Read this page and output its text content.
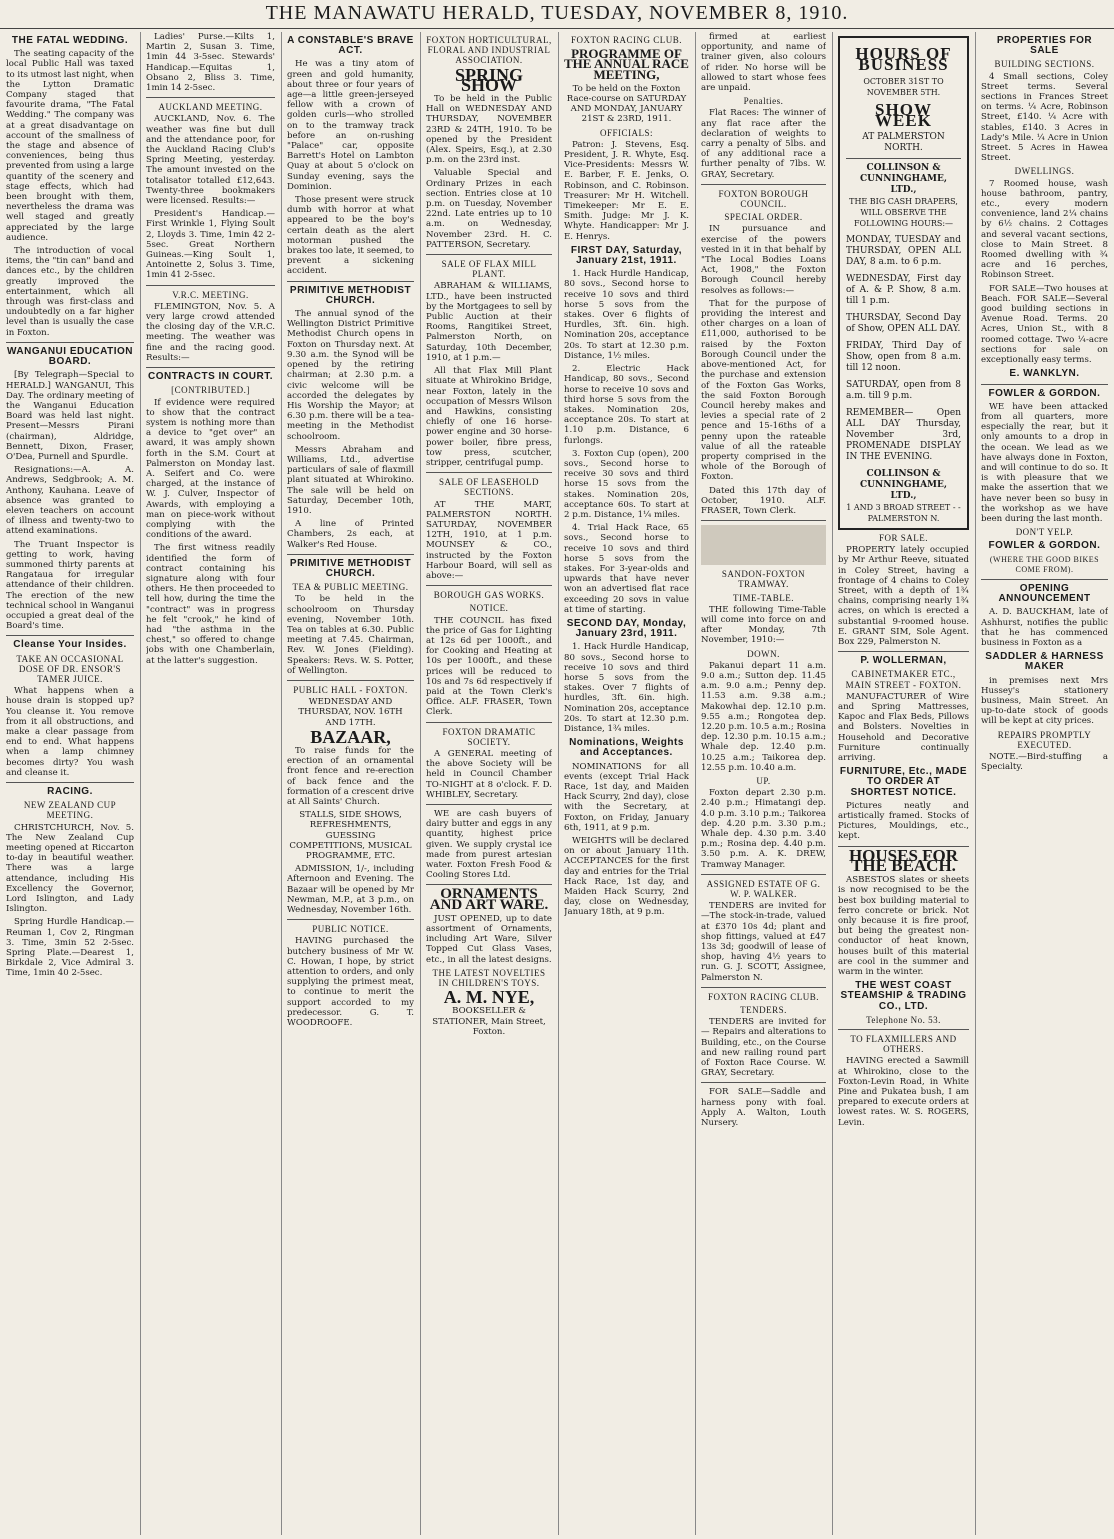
THE MANAWATU HERALD, TUESDAY, NOVEMBER 8, 1910.
THE FATAL WEDDING.

The seating capacity of the local Public Hall was taxed to its utmost last night, when the Lytton Dramatic Company staged that favourite drama, "The Fatal Wedding." The company was at a great disadvantage on account of the smallness of the stage and absence of conveniences, being thus prevented from using a large quantity of the scenery and stage effects, which had been brought with them, nevertheless the drama was well staged and greatly appreciated by the large audience.

The introduction of vocal items, the "tin can" band and dances etc., by the children greatly improved the entertainment, which all through was first-class and undoubtedly on a far higher level than is usually the case in Foxton.

WANGANUI EDUCATION BOARD.

[By Telegraph—Special to HERALD.] WANGANUI, This Day. The ordinary meeting of the Wanganui Education Board was held last night. Present—Messrs Pirani (chairman), Aldridge, Bennett, Dixon, Fraser, O'Dea, Purnell and Spurdle.

Resignations:—A. A. Andrews, Sedgbrook; A. M. Anthony, Kauhana. Leave of absence was granted to eleven teachers on account of illness and twenty-two to attend examinations.

The Truant Inspector is getting to work, having summoned thirty parents at Rangataua for irregular attendance of their children. The erection of the new technical school in Wanganui occupied a great deal of the Board's time.

Cleanse Your Insides.
TAKE AN OCCASIONAL DOSE OF DR. ENSOR'S TAMER JUICE.

What happens when a house drain is stopped up? You cleanse it. You remove from it all obstructions, and make a clear passage from end to end. What happens when a lamp chimney becomes dirty? You wash and cleanse it.

RACING.
NEW ZEALAND CUP MEETING.

CHRISTCHURCH, Nov. 5. The New Zealand Cup meeting opened at Riccarton to-day in beautiful weather. There was a large attendance, including His Excellency the Governor, Lord Islington, and Lady Islington.

Spring Hurdle Handicap.—Reuman 1, Cov 2, Ringman 3. Time, 3min 52 2-5sec. Spring Plate.—Dearest 1, Birkdale 2, Vice Admiral 3. Time, 1min 40 2-5sec.

Ladies' Purse.—Kilts 1, Martin 2, Susan 3. Time, 1min 44 3-5sec. Stewards' Handicap.—Equitas 1, Obsano 2, Bliss 3. Time, 1min 14 2-5sec.

AUCKLAND MEETING.

AUCKLAND, Nov. 6. The weather was fine but dull and the attendance poor, for the Auckland Racing Club's Spring Meeting, yesterday. The amount invested on the totalisator totalled £12,643. Twenty-three bookmakers were licensed. Results:—

President's Handicap.—First Wrinkle 1, Flying Soult 2, Lloyds 3. Time, 1min 42 2-5sec. Great Northern Guineas.—King Soult 1, Antoinette 2, Solus 3. Time, 1min 41 2-5sec.

V.R.C. MEETING.

FLEMINGTON, Nov. 5. A very large crowd attended the closing day of the V.R.C. meeting. The weather was fine and the racing good. Results:—

CONTRACTS IN COURT.
[CONTRIBUTED.]

If evidence were required to show that the contract system is nothing more than a device to "get over" an award, it was amply shown forth in the S.M. Court at Palmerston on Monday last. A. Seifert and Co. were charged, at the instance of W. J. Culver, Inspector of Awards, with employing a man on piece-work without complying with the conditions of the award.

The first witness readily identified the form of contract containing his signature along with four others. He then proceeded to tell how, during the time the "contract" was in progress he felt "crook," he kind of had "the asthma in the chest," so offered to change jobs with one Chamberlain, at the latter's suggestion.

A CONSTABLE'S BRAVE ACT.

He was a tiny atom of green and gold humanity, about three or four years of age—a little green-jerseyed fellow with a crown of golden curls—who strolled on to the tramway track before an on-rushing "Palace" car, opposite Barrett's Hotel on Lambton Quay at about 5 o'clock on Sunday evening, says the Dominion.

Those present were struck dumb with horror at what appeared to be the boy's certain death as the alert motorman pushed the brakes too late, it seemed, to prevent a sickening accident.

PRIMITIVE METHODIST CHURCH.

The annual synod of the Wellington District Primitive Methodist Church opens in Foxton on Thursday next. At 9.30 a.m. the Synod will be opened by the retiring chairman; at 2.30 p.m. a civic welcome will be accorded the delegates by His Worship the Mayor; at 6.30 p.m. there will be a tea-meeting in the Methodist schoolroom.

Messrs Abraham and Williams, Ltd., advertise particulars of sale of flaxmill plant situated at Whirokino. The sale will be held on Saturday, December 10th, 1910.

A line of Printed Chambers, 2s each, at Walker's Red House.

PRIMITIVE METHODIST CHURCH.
TEA & PUBLIC MEETING.

To be held in the schoolroom on Thursday evening, November 10th. Tea on tables at 6.30. Public meeting at 7.45. Chairman, Rev. W. Jones (Fielding). Speakers: Revs. W. S. Potter, of Wellington.

PUBLIC HALL - FOXTON.

WEDNESDAY AND THURSDAY, NOV. 16TH AND 17TH.

BAZAAR,

To raise funds for the erection of an ornamental front fence and re-erection of back fence and the formation of a crescent drive at All Saints' Church.

STALLS, SIDE SHOWS, REFRESHMENTS, GUESSING COMPETITIONS, MUSICAL PROGRAMME, ETC.

ADMISSION, 1/-, including Afternoon and Evening. The Bazaar will be opened by Mr Newman, M.P., at 3 p.m., on Wednesday, November 16th.

PUBLIC NOTICE.

HAVING purchased the butchery business of Mr W. C. Howan, I hope, by strict attention to orders, and only supplying the primest meat, to continue to merit the support accorded to my predecessor. G. T. WOODROOFE.

FOXTON HORTICULTURAL, FLORAL AND INDUSTRIAL ASSOCIATION.
SPRING SHOW

To be held in the Public Hall on WEDNESDAY AND THURSDAY, NOVEMBER 23RD & 24TH, 1910. To be opened by the President (Alex. Speirs, Esq.), at 2.30 p.m. on the 23rd inst.

Valuable Special and Ordinary Prizes in each section. Entries close at 10 p.m. on Tuesday, November 22nd. Late entries up to 10 a.m. on Wednesday, November 23rd. H. C. PATTERSON, Secretary.

SALE OF FLAX MILL PLANT.

ABRAHAM & WILLIAMS, LTD., have been instructed by the Mortgagees to sell by Public Auction at their Rooms, Rangitikei Street, Palmerston North, on Saturday, 10th December, 1910, at 1 p.m.—

All that Flax Mill Plant situate at Whirokino Bridge, near Foxton, lately in the occupation of Messrs Wilson and Hawkins, consisting chiefly of one 16 horse-power engine and 30 horse-power boiler, fibre press, tow press, scutcher, stripper, centrifugal pump.

SALE OF LEASEHOLD SECTIONS.

AT THE MART, PALMERSTON NORTH. SATURDAY, NOVEMBER 12TH, 1910, at 1 p.m. MOUNSEY & CO., instructed by the Foxton Harbour Board, will sell as above:—

BOROUGH GAS WORKS.
NOTICE.

THE COUNCIL has fixed the price of Gas for Lighting at 12s 6d per 1000ft., and for Cooking and Heating at 10s per 1000ft., and these prices will be reduced to 10s and 7s 6d respectively if paid at the Town Clerk's Office. ALF. FRASER, Town Clerk.

FOXTON DRAMATIC SOCIETY.

A GENERAL meeting of the above Society will be held in Council Chamber TO-NIGHT at 8 o'clock. F. D. WHIBLEY, Secretary.

WE are cash buyers of dairy butter and eggs in any quantity, highest price given. We supply crystal ice made from purest artesian water. Foxton Fresh Food & Cooling Stores Ltd.

ORNAMENTS AND ART WARE.

JUST OPENED, up to date assortment of Ornaments, including Art Ware, Silver Topped Cut Glass Vases, etc., in all the latest designs.

THE LATEST NOVELTIES IN CHILDREN'S TOYS.
A. M. NYE,

BOOKSELLER & STATIONER, Main Street, Foxton.

FOXTON RACING CLUB.
PROGRAMME OF THE ANNUAL RACE MEETING,

To be held on the Foxton Race-course on SATURDAY AND MONDAY, JANUARY 21ST & 23RD, 1911.

OFFICIALS:

Patron: J. Stevens, Esq. President, J. R. Whyte, Esq. Vice-Presidents: Messrs W. E. Barber, F. E. Jenks, O. Robinson, and C. Robinson. Treasurer: Mr H. Witchell. Timekeeper: Mr E. E. Smith. Judge: Mr J. K. Whyte. Handicapper: Mr J. E. Henrys.

FIRST DAY, Saturday, January 21st, 1911.

1. Hack Hurdle Handicap, 80 sovs., Second horse to receive 10 sovs and third horse 5 sovs from the stakes. Over 6 flights of Hurdles, 3ft. 6in. high. Nomination 20s, acceptance 20s. To start at 12.30 p.m. Distance, 1½ miles.

2. Electric Hack Handicap, 80 sovs., Second horse to receive 10 sovs and third horse 5 sovs from the stakes. Nomination 20s, acceptance 20s. To start at 1.10 p.m. Distance, 6 furlongs.

3. Foxton Cup (open), 200 sovs., Second horse to receive 30 sovs and third horse 15 sovs from the stakes. Nomination 20s, acceptance 60s. To start at 2 p.m. Distance, 1¼ miles.

4. Trial Hack Race, 65 sovs., Second horse to receive 10 sovs and third horse 5 sovs from the stakes. For 3-year-olds and upwards that have never won an advertised flat race exceeding 20 sovs in value at time of starting.

SECOND DAY, Monday, January 23rd, 1911.

1. Hack Hurdle Handicap, 80 sovs., Second horse to receive 10 sovs and third horse 5 sovs from the stakes. Over 7 flights of hurdles, 3ft. 6in. high. Nomination 20s, acceptance 20s. To start at 12.30 p.m. Distance, 1¾ miles.

Nominations, Weights and Acceptances.

NOMINATIONS for all events (except Trial Hack Race, 1st day, and Maiden Hack Scurry, 2nd day), close with the Secretary, at Foxton, on Friday, January 6th, 1911, at 9 p.m.

WEIGHTS will be declared on or about January 11th. ACCEPTANCES for the first day and entries for the Trial Hack Race, 1st day, and Maiden Hack Scurry, 2nd day, close on Wednesday, January 18th, at 9 p.m.

firmed at earliest opportunity, and name of trainer given, also colours of rider. No horse will be allowed to start whose fees are unpaid.

Penalties.

Flat Races: The winner of any flat race after the declaration of weights to carry a penalty of 5lbs. and of any additional race a further penalty of 7lbs. W. GRAY, Secretary.

FOXTON BOROUGH COUNCIL.
SPECIAL ORDER.

IN pursuance and exercise of the powers vested in it in that behalf by "The Local Bodies Loans Act, 1908," the Foxton Borough Council hereby resolves as follows:—

That for the purpose of providing the interest and other charges on a loan of £11,000, authorised to be raised by the Foxton Borough Council under the above-mentioned Act, for the purchase and extension of the Foxton Gas Works, the said Foxton Borough Council hereby makes and levies a special rate of 2 pence and 15-16ths of a penny upon the rateable value of all the rateable property comprised in the whole of the Borough of Foxton.

Dated this 17th day of October, 1910. ALF. FRASER, Town Clerk.

SANDON-FOXTON TRAMWAY.
TIME-TABLE.

THE following Time-Table will come into force on and after Monday, 7th November, 1910:—

DOWN.

Pakanui depart 11 a.m. 9.0 a.m.; Sutton dep. 11.45 a.m. 9.0 a.m.; Penny dep. 11.53 a.m. 9.38 a.m.; Makowhai dep. 12.10 p.m. 9.55 a.m.; Rongotea dep. 12.20 p.m. 10.5 a.m.; Rosina dep. 12.30 p.m. 10.15 a.m.; Whale dep. 12.40 p.m. 10.25 a.m.; Taikorea dep. 12.55 p.m. 10.40 a.m.

UP.

Foxton depart 2.30 p.m. 2.40 p.m.; Himatangi dep. 4.0 p.m. 3.10 p.m.; Taikorea dep. 4.20 p.m. 3.30 p.m.; Whale dep. 4.30 p.m. 3.40 p.m.; Rosina dep. 4.40 p.m. 3.50 p.m. A. K. DREW, Tramway Manager.

ASSIGNED ESTATE OF G. W. P. WALKER.

TENDERS are invited for—The stock-in-trade, valued at £370 10s 4d; plant and shop fittings, valued at £47 13s 3d; goodwill of lease of shop, having 4½ years to run. G. J. SCOTT, Assignee, Palmerston N.

FOXTON RACING CLUB.
TENDERS.

TENDERS are invited for— Repairs and alterations to Building, etc., on the Course and new railing round part of Foxton Race Course. W. GRAY, Secretary.

FOR SALE—Saddle and harness pony with foal. Apply A. Walton, Louth Nursery.

HOURS OF BUSINESS
OCTOBER 31ST TO NOVEMBER 5TH.
SHOW WEEK
AT PALMERSTON NORTH.
COLLINSON & CUNNINGHAME, LTD.,
THE BIG CASH DRAPERS,
WILL OBSERVE THE FOLLOWING HOURS:—

MONDAY, TUESDAY and THURSDAY, OPEN ALL DAY, 8 a.m. to 6 p.m.

WEDNESDAY, First day of A. & P. Show, 8 a.m. till 1 p.m.

THURSDAY, Second Day of Show, OPEN ALL DAY.

FRIDAY, Third Day of Show, open from 8 a.m. till 12 noon.

SATURDAY, open from 8 a.m. till 9 p.m.

REMEMBER— Open ALL DAY Thursday, November 3rd, PROMENADE DISPLAY IN THE EVENING.

COLLINSON & CUNNINGHAME, LTD.,
1 AND 3 BROAD STREET - - PALMERSTON N.
FOR SALE.

PROPERTY lately occupied by Mr Arthur Reeve, situated in Coley Street, having a frontage of 4 chains to Coley Street, with a depth of 1¾ chains, comprising nearly 1¾ acres, on which is erected a substantial 9-roomed house. E. GRANT SIM, Sole Agent. Box 229, Palmerston N.

P. WOLLERMAN,
CABINETMAKER ETC., MAIN STREET - FOXTON.

MANUFACTURER of Wire and Spring Mattresses, Kapoc and Flax Beds, Pillows and Bolsters. Novelties in Household and Decorative Furniture continually arriving.

FURNITURE, Etc., MADE TO ORDER AT SHORTEST NOTICE.

Pictures neatly and artistically framed. Stocks of Pictures, Mouldings, etc., kept.

HOUSES FOR THE BEACH.

ASBESTOS slates or sheets is now recognised to be the best box building material to ferro concrete or brick. Not only because it is fire proof, but being the greatest non-conductor of heat known, houses built of this material are cool in the summer and warm in the winter.

THE WEST COAST STEAMSHIP & TRADING CO., LTD.
Telephone No. 53.
TO FLAXMILLERS AND OTHERS.

HAVING erected a Sawmill at Whirokino, close to the Foxton-Levin Road, in White Pine and Pukatea bush, I am prepared to execute orders at lowest rates. W. S. ROGERS, Levin.

PROPERTIES FOR SALE
BUILDING SECTIONS.

4 Small sections, Coley Street terms. Several sections in Frances Street on terms. ¼ Acre, Robinson Street, £140. ¼ Acre with stables, £140. 3 Acres in Lady's Mile. ¼ Acre in Union Street. 5 Acres in Hawea Street.

DWELLINGS.

7 Roomed house, wash house bathroom, pantry, etc., every modern convenience, land 2¼ chains by 6½ chains. 2 Cottages and several vacant sections, close to Main Street. 8 Roomed dwelling with ¾ acre and 16 perches, Robinson Street.

FOR SALE—Two houses at Beach. FOR SALE—Several good building sections in Avenue Road. Terms. 20 Acres, Union St., with 8 roomed cottage. Two ¼-acre sections for sale on exceptionally easy terms.

E. WANKLYN.
FOWLER & GORDON.

WE have been attacked from all quarters, more especially the rear, but it only amounts to a drop in the ocean. We lead as we have always done in Foxton, and will continue to do so. It is with pleasure that we make the assertion that we have never been so busy in the workshop as we have been during the last month.

DON'T YELP.
FOWLER & GORDON.
(WHERE THE GOOD BIKES COME FROM).
OPENING ANNOUNCEMENT

A. D. BAUCKHAM, late of Ashhurst, notifies the public that he has commenced business in Foxton as a

SADDLER & HARNESS MAKER

in premises next Mrs Hussey's stationery business, Main Street. An up-to-date stock of goods will be kept at city prices.

REPAIRS PROMPTLY EXECUTED.

NOTE.—Bird-stuffing a Specialty.
